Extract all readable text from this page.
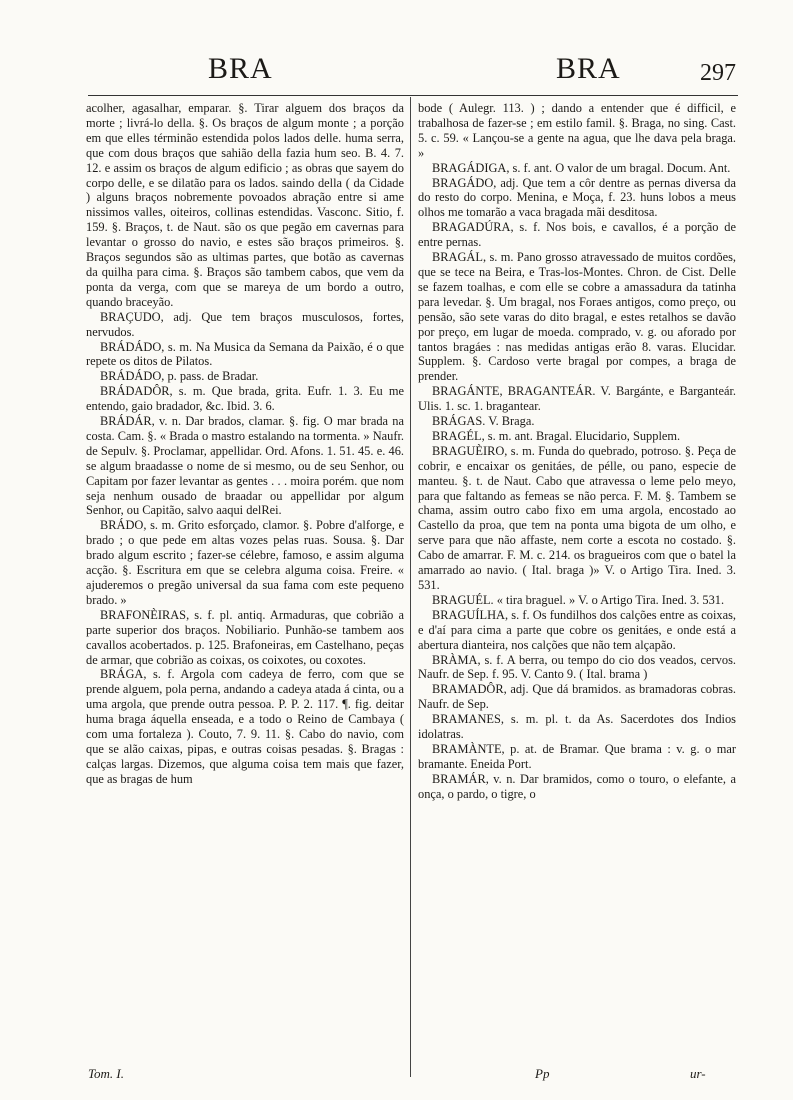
BRA	BRA	297

acolher, agasalhar, emparar. §. Tirar alguem dos braços da morte ; livrá-lo della. §. Os braços de algum monte ; a porção em que elles términão estendida polos lados delle. huma serra, que com dous braços que sahião della fazia hum seo. B. 4. 7. 12. e assim os braços de algum edificio ; as obras que sayem do corpo delle, e se dilatão para os lados. saindo della ( da Cidade ) alguns braços nobremente povoados abração entre si ame nissimos valles, oiteiros, collinas estendidas. Vasconc. Sitio, f. 159. §. Braços, t. de Naut. são os que pegão em cavernas para levantar o grosso do navio, e estes são braços primeiros. §. Braços segundos são as ultimas partes, que botão as cavernas da quilha para cima. §. Braços são tambem cabos, que vem da ponta da verga, com que se mareya de um bordo a outro, quando braceyão.

BRAÇUDO, adj. Que tem braços musculosos, fortes, nervudos.

BRÁDÁDO, s. m. Na Musica da Semana da Paixão, é o que repete os ditos de Pilatos.

BRÁDÁDO, p. pass. de Bradar.

BRÁDADÔR, s. m. Que brada, grita. Eufr. 1. 3. Eu me entendo, gaio bradador, &c. Ibid. 3. 6.

BRÁDÁR, v. n. Dar brados, clamar. §. fig. O mar brada na costa. Cam. §. « Brada o mastro estalando na tormenta. » Naufr. de Sepulv. §. Proclamar, appellidar. Ord. Afons. 1. 51. 45. e. 46. se algum braadasse o nome de si mesmo, ou de seu Senhor, ou Capitam por fazer levantar as gentes . . . moira porém. que nom seja nenhum ousado de braadar ou appellidar por algum Senhor, ou Capitão, salvo aaqui delRei.

BRÁDO, s. m. Grito esforçado, clamor. §. Pobre d'alforge, e brado ; o que pede em altas vozes pelas ruas. Sousa. §. Dar brado algum escrito ; fazer-se célebre, famoso, e assim alguma acção. §. Escritura em que se celebra alguma coisa. Freire. « ajuderemos o pregão universal da sua fama com este pequeno brado. »

BRAFONÈIRAS, s. f. pl. antiq. Armaduras, que cobrião a parte superior dos braços. Nobiliario. Punhão-se tambem aos cavallos acobertados. p. 125. Brafoneiras, em Castelhano, peças de armar, que cobrião as coixas, os coixotes, ou coxotes.

BRÁGA, s. f. Argola com cadeya de ferro, com que se prende alguem, pola perna, andando a cadeya atada á cinta, ou a uma argola, que prende outra pessoa. P. P. 2. 117. ¶. fig. deitar huma braga áquella enseada, e a todo o Reino de Cambaya ( com uma fortaleza ). Couto, 7. 9. 11. §. Cabo do navio, com que se alão caixas, pipas, e outras coisas pesadas. §. Bragas : calças largas. Dizemos, que alguma coisa tem mais que fazer, que as bragas de hum

bode ( Aulegr. 113. ) ; dando a entender que é difficil, e trabalhosa de fazer-se ; em estilo famil. §. Braga, no sing. Cast. 5. c. 59. « Lançou-se a gente na agua, que lhe dava pela braga. »

BRAGÁDIGA, s. f. ant. O valor de um bragal. Docum. Ant.

BRAGÁDO, adj. Que tem a côr dentre as pernas diversa da do resto do corpo. Menina, e Moça, f. 23. huns lobos a meus olhos me tomarão a vaca bragada mãi desditosa.

BRAGADÚRA, s. f. Nos bois, e cavallos, é a porção de entre pernas.

BRAGÁL, s. m. Pano grosso atravessado de muitos cordões, que se tece na Beira, e Tras-los-Montes. Chron. de Cist. Delle se fazem toalhas, e com elle se cobre a amassadura da tatinha para levedar. §. Um bragal, nos Foraes antigos, como preço, ou pensão, são sete varas do dito bragal, e estes retalhos se davão por preço, em lugar de moeda. comprado, v. g. ou aforado por tantos bragáes : nas medidas antigas erão 8. varas. Elucidar. Supplem. §. Cardoso verte bragal por compes, a braga de prender.

BRAGÁNTE, BRAGANTEÁR. V. Bargánte, e Barganteár. Ulis. 1. sc. 1. bragantear.

BRÁGAS. V. Braga.

BRAGÉL, s. m. ant. Bragal. Elucidario, Supplem.

BRAGUÈIRO, s. m. Funda do quebrado, potroso. §. Peça de cobrir, e encaixar os genitáes, de pélle, ou pano, especie de manteu. §. t. de Naut. Cabo que atravessa o leme pelo meyo, para que faltando as femeas se não perca. F. M. §. Tambem se chama, assim outro cabo fixo em uma argola, encostado ao Castello da proa, que tem na ponta uma bigota de um olho, e serve para que não affaste, nem corte a escota no costado. §. Cabo de amarrar. F. M. c. 214. os bragueiros com que o batel la amarrado ao navio. ( Ital. braga )» V. o Artigo Tira. Ined. 3. 531.

BRAGUÉL. « tira braguel. » V. o Artigo Tira. Ined. 3. 531.

BRAGUÍLHA, s. f. Os fundilhos dos calções entre as coixas, e d'aí para cima a parte que cobre os genitáes, e onde está a abertura dianteira, nos calções que não tem alçapão.

BRÀMA, s. f. A berra, ou tempo do cio dos veados, cervos. Naufr. de Sep. f. 95. V. Canto 9. ( Ital. brama )

BRAMADÔR, adj. Que dá bramidos. as bramadoras cobras. Naufr. de Sep.

BRAMANES, s. m. pl. t. da As. Sacerdotes dos Indios idolatras.

BRAMÀNTE, p. at. de Bramar. Que brama : v. g. o mar bramante. Eneida Port.

BRAMÁR, v. n. Dar bramidos, como o touro, o elefante, a onça, o pardo, o tigre, o

Tom. I.	Pp	ur-
